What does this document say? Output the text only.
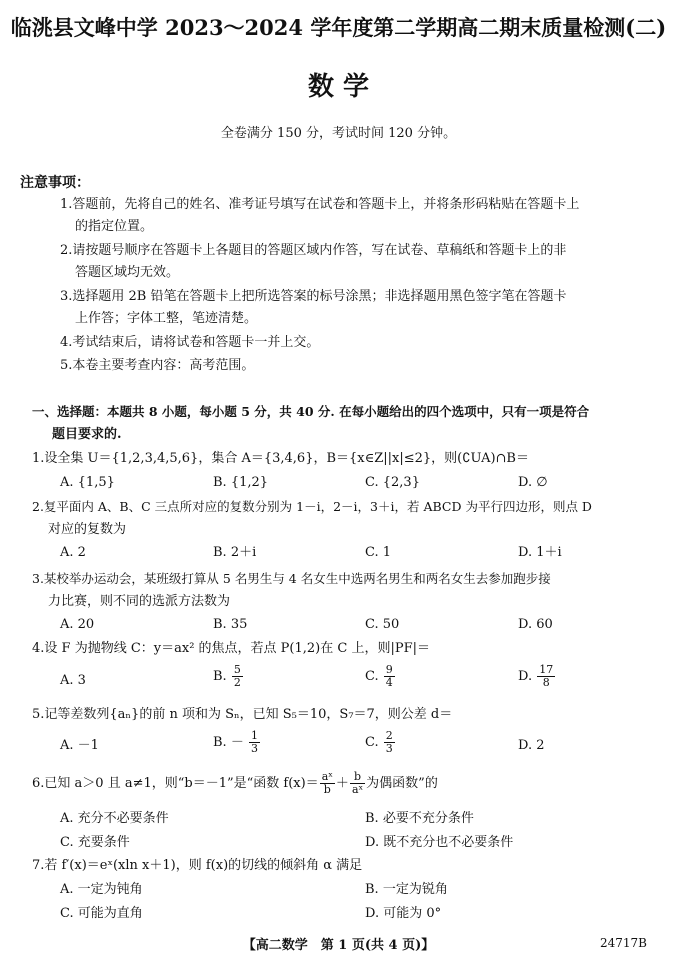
临洮县文峰中学 2023～2024 学年度第二学期高二期末质量检测(二)
数 学
全卷满分 150 分，考试时间 120 分钟。
注意事项：
1.答题前，先将自己的姓名、准考证号填写在试卷和答题卡上，并将条形码粘贴在答题卡上
的指定位置。
2.请按题号顺序在答题卡上各题目的答题区域内作答，写在试卷、草稿纸和答题卡上的非
答题区域均无效。
3.选择题用 2B 铅笔在答题卡上把所选答案的标号涂黑；非选择题用黑色签字笔在答题卡
上作答；字体工整，笔迹清楚。
4.考试结束后，请将试卷和答题卡一并上交。
5.本卷主要考查内容：高考范围。
一、选择题：本题共 8 小题，每小题 5 分，共 40 分. 在每小题给出的四个选项中，只有一项是符合
题目要求的.
1.设全集 U＝{1,2,3,4,5,6}，集合 A＝{3,4,6}，B＝{x∈Z||x|≤2}，则(∁UA)∩B＝
A. {1,5}	B. {1,2}	C. {2,3}	D. ∅
2.复平面内 A、B、C 三点所对应的复数分别为 1－i，2－i，3＋i，若 ABCD 为平行四边形，则点 D
对应的复数为
A. 2	B. 2＋i	C. 1	D. 1＋i
3.某校举办运动会，某班级打算从 5 名男生与 4 名女生中选两名男生和两名女生去参加跑步接
力比赛，则不同的选派方法数为
A. 20	B. 35	C. 50	D. 60
4.设 F 为抛物线 C：y＝ax² 的焦点，若点 P(1,2)在 C 上，则|PF|＝
A. 3	B. $\frac{5}{2}$	C. $\frac{9}{4}$	D. $\frac{17}{8}$
5.记等差数列{aₙ}的前 n 项和为 Sₙ，已知 S₅＝10，S₇＝7，则公差 d＝
A. －1	B. － $\frac{1}{3}$	C. $\frac{2}{3}$	D. 2
6.已知 a＞0 且 a≠1，则“b＝－1”是“函数 $f(x)= \frac{\text{aˣ}}{b} + \frac{b}{\text{aˣ}}$ 为偶函数”的
A. 充分不必要条件	B. 必要不充分条件
C. 充要条件	D. 既不充分也不必要条件
7.若 f′(x)＝eˣ(xln x＋1)，则 f(x)的切线的倾斜角 α 满足
A. 一定为钝角	B. 一定为锐角
C. 可能为直角	D. 可能为 0°
【高二数学　第 1 页(共 4 页)】	24717B
